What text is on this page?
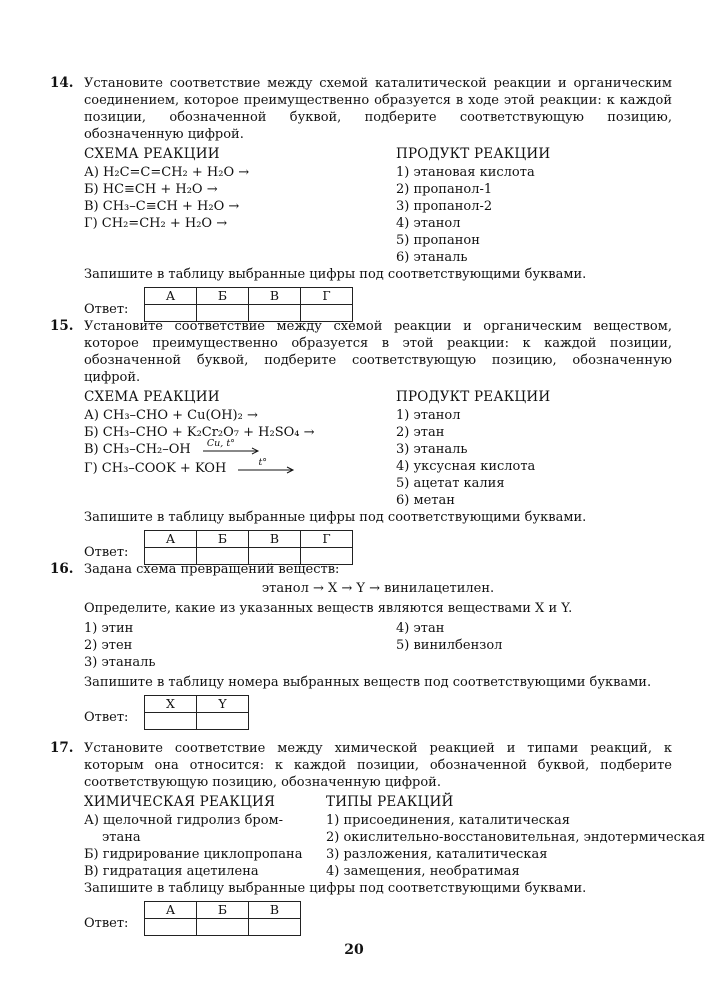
14. Установите соответствие между схемой каталитической реакции и органическим соединением, которое преимущественно образуется в ходе этой реакции: к каждой позиции, обозначенной буквой, подберите соответствующую позицию, обозначенную цифрой.
СХЕМА РЕАКЦИИ
А) H₂C=C=CH₂ + H₂O →
Б) HC≡CH + H₂O →
В) CH₃–C≡CH + H₂O →
Г) CH₂=CH₂ + H₂O →
ПРОДУКТ РЕАКЦИИ
1) этановая кислота
2) пропанол-1
3) пропанол-2
4) этанол
5) пропанон
6) этаналь
Запишите в таблицу выбранные цифры под соответствующими буквами.
Ответ:
А	Б	В	Г

15. Установите соответствие между схемой реакции и органическим веществом, которое преимущественно образуется в этой реакции: к каждой позиции, обозначенной буквой, подберите соответствующую позицию, обозначенную цифрой.
СХЕМА РЕАКЦИИ
А) CH₃–CHO + Cu(OH)₂ →
Б) CH₃–CHO + K₂Cr₂O₇ + H₂SO₄ →
В) CH₃–CH₂–OH Cu, t°
Г) CH₃–COOK + KOH	t°
ПРОДУКТ РЕАКЦИИ
1) этанол
2) этан
3) этаналь
4) уксусная кислота
5) ацетат калия
6) метан
Запишите в таблицу выбранные цифры под соответствующими буквами.
Ответ:
А	Б	В	Г

16. Задана схема превращений веществ:
этанол → X → Y → винилацетилен.
Определите, какие из указанных веществ являются веществами X и Y.
1) этин
2) этен
3) этаналь
4) этан
5) винилбензол
Запишите в таблицу номера выбранных веществ под соответствующими буквами.
Ответ:
X	Y

17. Установите соответствие между химической реакцией и типами реакций, к которым она относится: к каждой позиции, обозначенной буквой, подберите соответствующую позицию, обозначенную цифрой.
ХИМИЧЕСКАЯ РЕАКЦИЯ
А) щелочной гидролиз бром-
этана
Б) гидрирование циклопропана
В) гидратация ацетилена
ТИПЫ РЕАКЦИЙ
1) присоединения, каталитическая
2) окислительно-восстановительная, эндотермическая
3) разложения, каталитическая
4) замещения, необратимая
Запишите в таблицу выбранные цифры под соответствующими буквами.
Ответ:
А	Б	В

20
